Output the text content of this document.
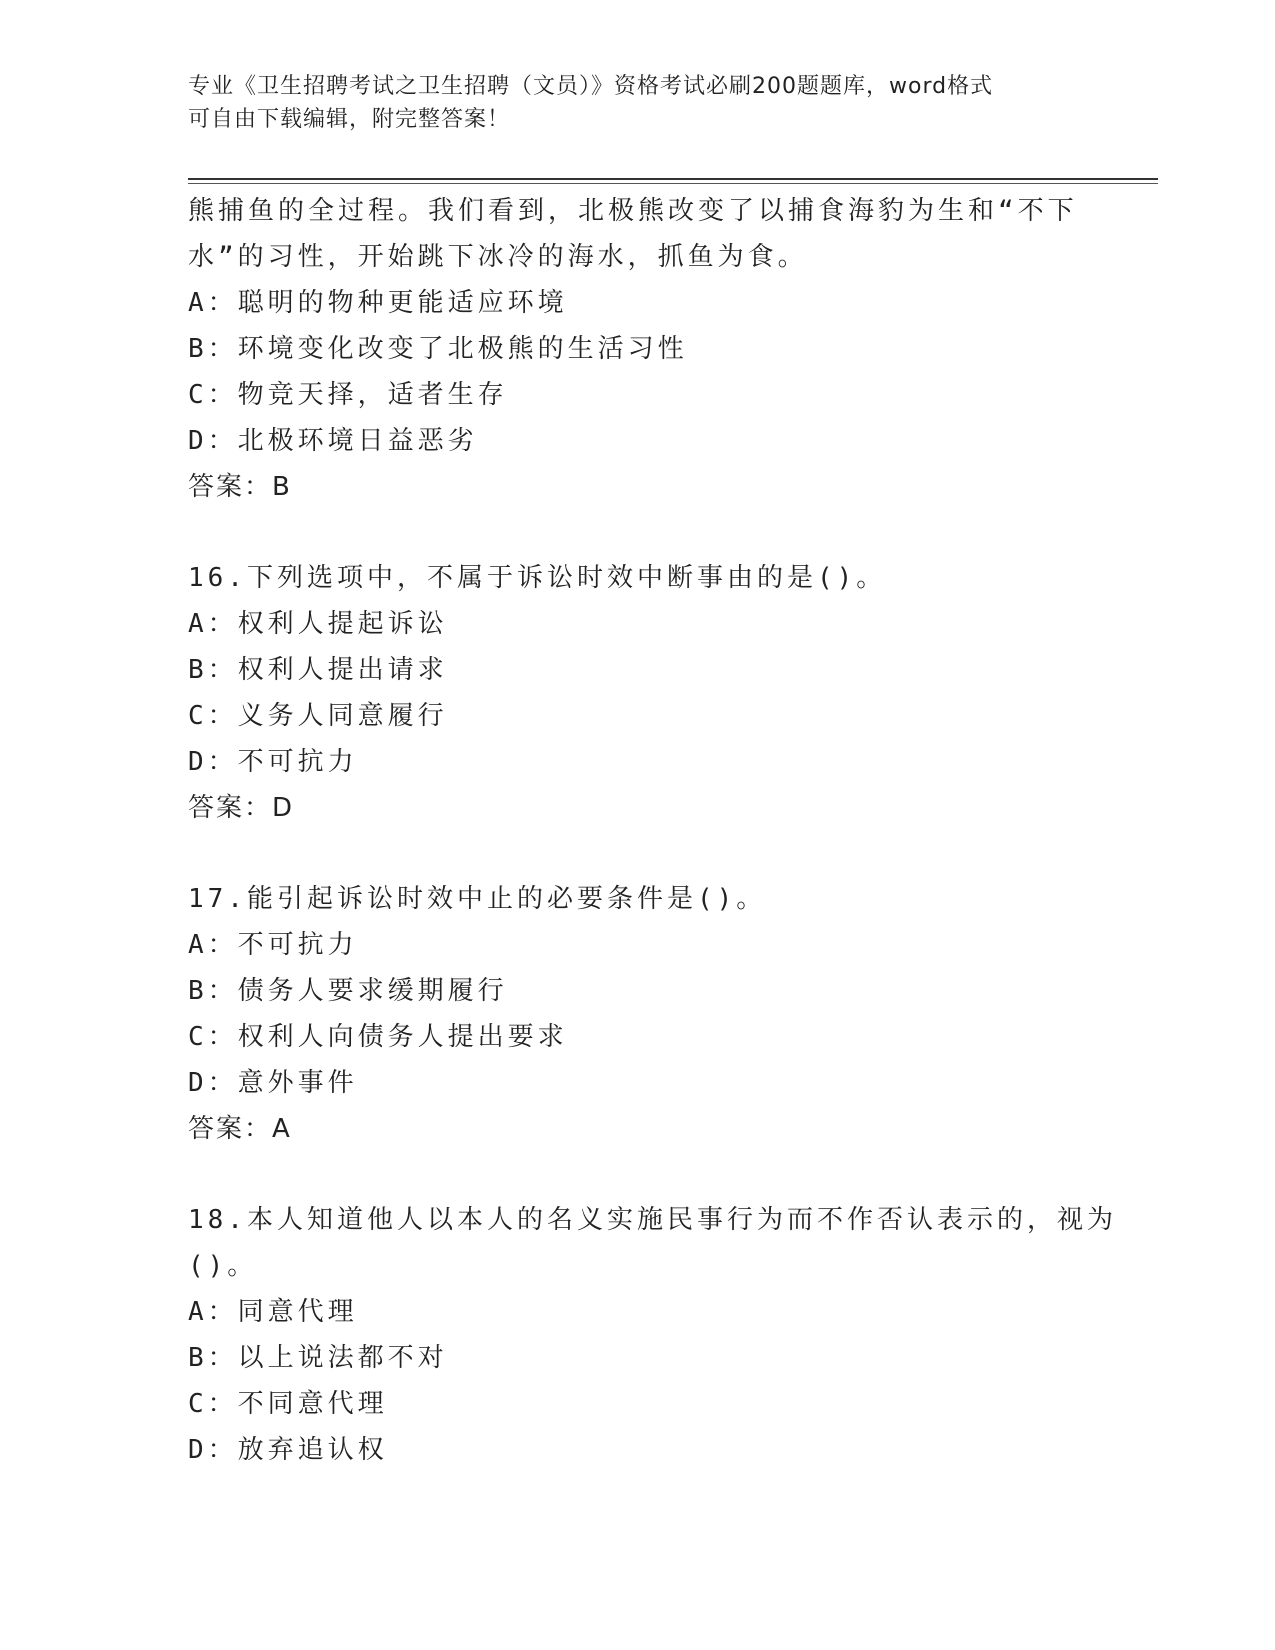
专业《卫生招聘考试之卫生招聘（文员）》资格考试必刷200题题库，word格式
可自由下载编辑，附完整答案！
熊捕鱼的全过程。我们看到，北极熊改变了以捕食海豹为生和“不下
水”的习性，开始跳下冰冷的海水，抓鱼为食。
A：聪明的物种更能适应环境
B：环境变化改变了北极熊的生活习性
C：物竞天择，适者生存
D：北极环境日益恶劣
答案：B
16.下列选项中，不属于诉讼时效中断事由的是()。
A：权利人提起诉讼
B：权利人提出请求
C：义务人同意履行
D：不可抗力
答案：D
17.能引起诉讼时效中止的必要条件是()。
A：不可抗力
B：债务人要求缓期履行
C：权利人向债务人提出要求
D：意外事件
答案：A
18.本人知道他人以本人的名义实施民事行为而不作否认表示的，视为
()。
A：同意代理
B：以上说法都不对
C：不同意代理
D：放弃追认权
